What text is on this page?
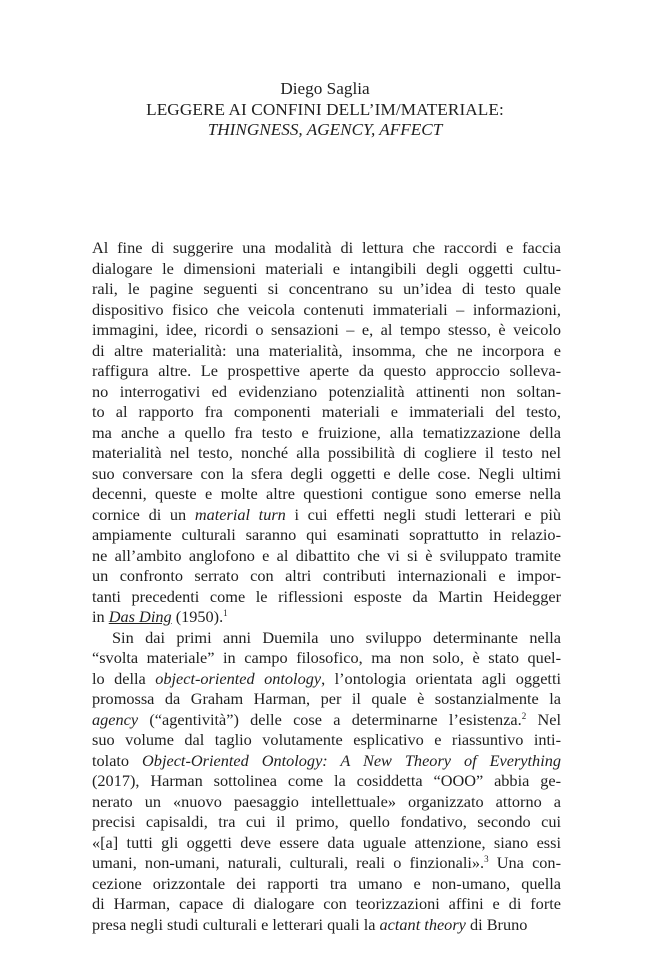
Diego Saglia
LEGGERE AI CONFINI DELL’IM/MATERIALE:
THINGNESS, AGENCY, AFFECT
Al fine di suggerire una modalità di lettura che raccordi e faccia
dialogare le dimensioni materiali e intangibili degli oggetti cultu-
rali, le pagine seguenti si concentrano su un’idea di testo quale
dispositivo fisico che veicola contenuti immateriali – informazioni,
immagini, idee, ricordi o sensazioni – e, al tempo stesso, è veicolo
di altre materialità: una materialità, insomma, che ne incorpora e
raffigura altre. Le prospettive aperte da questo approccio solleva-
no interrogativi ed evidenziano potenzialità attinenti non soltan-
to al rapporto fra componenti materiali e immateriali del testo,
ma anche a quello fra testo e fruizione, alla tematizzazione della
materialità nel testo, nonché alla possibilità di cogliere il testo nel
suo conversare con la sfera degli oggetti e delle cose. Negli ultimi
decenni, queste e molte altre questioni contigue sono emerse nella
cornice di un material turn i cui effetti negli studi letterari e più
ampiamente culturali saranno qui esaminati soprattutto in relazio-
ne all’ambito anglofono e al dibattito che vi si è sviluppato tramite
un confronto serrato con altri contributi internazionali e impor-
tanti precedenti come le riflessioni esposte da Martin Heidegger
in Das Ding (1950).$^1$
Sin dai primi anni Duemila uno sviluppo determinante nella
“svolta materiale” in campo filosofico, ma non solo, è stato quel-
lo della object-oriented ontology, l’ontologia orientata agli oggetti
promossa da Graham Harman, per il quale è sostanzialmente la
agency (“agentività”) delle cose a determinarne l’esistenza.$^2$ Nel
suo volume dal taglio volutamente esplicativo e riassuntivo inti-
tolato Object-Oriented Ontology: A New Theory of Everything
(2017), Harman sottolinea come la cosiddetta “OOO” abbia ge-
nerato un «nuovo paesaggio intellettuale» organizzato attorno a
precisi capisaldi, tra cui il primo, quello fondativo, secondo cui
«[a] tutti gli oggetti deve essere data uguale attenzione, siano essi
umani, non-umani, naturali, culturali, reali o finzionali».$^3$ Una con-
cezione orizzontale dei rapporti tra umano e non-umano, quella
di Harman, capace di dialogare con teorizzazioni affini e di forte
presa negli studi culturali e letterari quali la actant theory di Bruno
